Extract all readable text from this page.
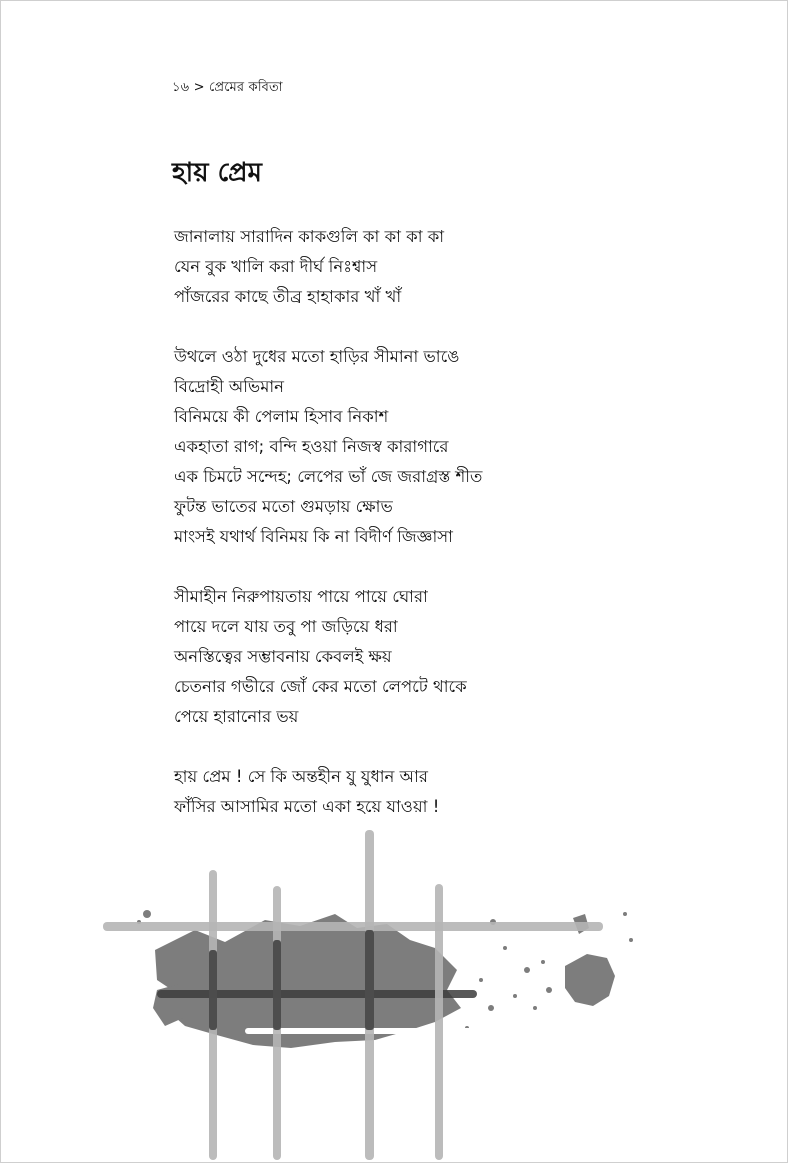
১৬ > প্রেমের কবিতা
হায় প্রেম
জানালায় সারাদিন কাকগুলি কা কা কা কা
যেন বুক খালি করা দীর্ঘ নিঃশ্বাস
পাঁজরের কাছে তীব্র হাহাকার খাঁ খাঁ
উথলে ওঠা দুধের মতো হাড়ির সীমানা ভাঙে
বিদ্রোহী অভিমান
বিনিময়ে কী পেলাম হিসাব নিকাশ
একহাতা রাগ; বন্দি হওয়া নিজস্ব কারাগারে
এক চিমটে সন্দেহ; লেপের ভাঁ জে জরাগ্রস্ত শীত
ফুটন্ত ভাতের মতো গুমড়ায় ক্ষোভ
মাংসই যথার্থ বিনিময় কি না বিদীর্ণ জিজ্ঞাসা
সীমাহীন নিরুপায়তায় পায়ে পায়ে ঘোরা
পায়ে দলে যায় তবু পা জড়িয়ে ধরা
অনস্তিত্বের সম্ভাবনায় কেবলই ক্ষয়
চেতনার গভীরে জোঁ কের মতো লেপটে থাকে
পেয়ে হারানোর ভয়
হায় প্রেম ! সে কি অন্তহীন যু যুধান আর
ফাঁসির আসামির মতো একা হয়ে যাওয়া !
